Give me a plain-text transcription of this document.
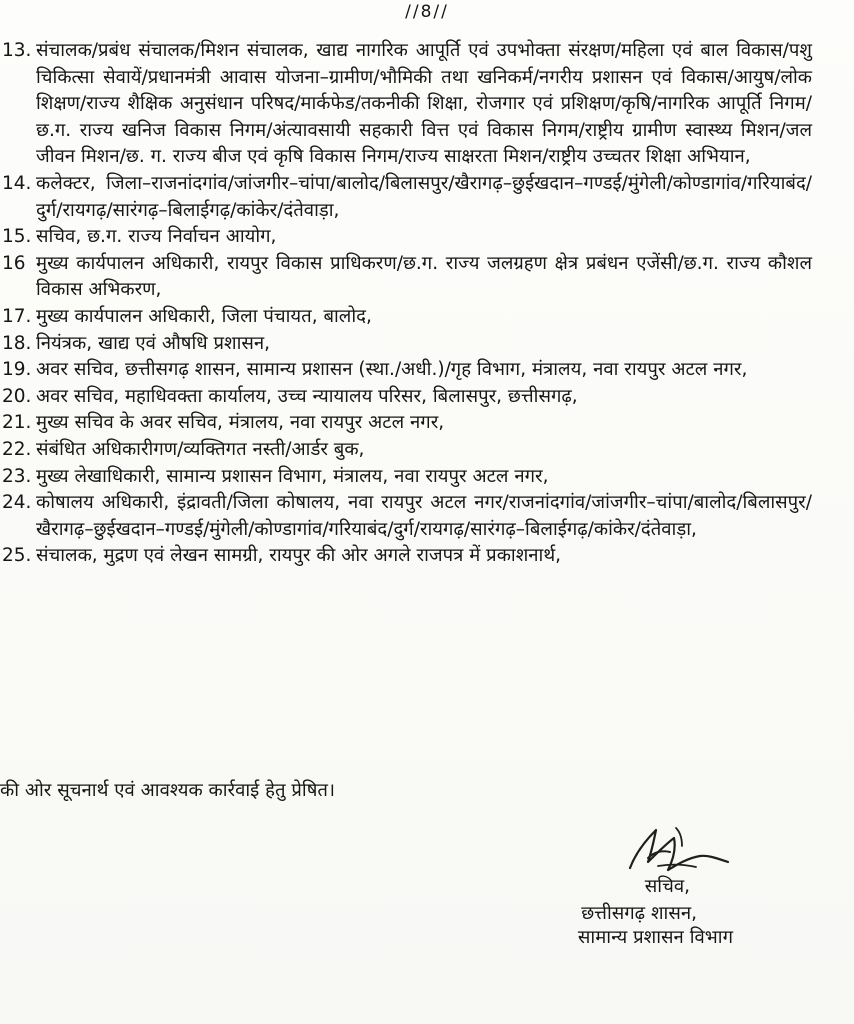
//8//
13. संचालक/प्रबंध संचालक/मिशन संचालक, खाद्य नागरिक आपूर्ति एवं उपभोक्ता संरक्षण/महिला एवं बाल विकास/पशु चिकित्सा सेवायें/प्रधानमंत्री आवास योजना–ग्रामीण/भौमिकी तथा खनिकर्म/नगरीय प्रशासन एवं विकास/आयुष/लोक शिक्षण/राज्य शैक्षिक अनुसंधान परिषद/मार्कफेड/तकनीकी शिक्षा, रोजगार एवं प्रशिक्षण/कृषि/नागरिक आपूर्ति निगम/छ.ग. राज्य खनिज विकास निगम/अंत्यावसायी सहकारी वित्त एवं विकास निगम/राष्ट्रीय ग्रामीण स्वास्थ्य मिशन/जल जीवन मिशन/छ. ग. राज्य बीज एवं कृषि विकास निगम/राज्य साक्षरता मिशन/राष्ट्रीय उच्चतर शिक्षा अभियान,
14. कलेक्टर, जिला–राजनांदगांव/जांजगीर–चांपा/बालोद/बिलासपुर/खैरागढ़–छुईखदान–गण्डई/मुंगेली/कोण्डागांव/गरियाबंद/दुर्ग/रायगढ़/सारंगढ़–बिलाईगढ़/कांकेर/दंतेवाड़ा,
15. सचिव, छ.ग. राज्य निर्वाचन आयोग,
16 मुख्य कार्यपालन अधिकारी, रायपुर विकास प्राधिकरण/छ.ग. राज्य जलग्रहण क्षेत्र प्रबंधन एजेंसी/छ.ग. राज्य कौशल विकास अभिकरण,
17. मुख्य कार्यपालन अधिकारी, जिला पंचायत, बालोद,
18. नियंत्रक, खाद्य एवं औषधि प्रशासन,
19. अवर सचिव, छत्तीसगढ़ शासन, सामान्य प्रशासन (स्था./अधी.)/गृह विभाग, मंत्रालय, नवा रायपुर अटल नगर,
20. अवर सचिव, महाधिवक्ता कार्यालय, उच्च न्यायालय परिसर, बिलासपुर, छत्तीसगढ़,
21. मुख्य सचिव के अवर सचिव, मंत्रालय, नवा रायपुर अटल नगर,
22. संबंधित अधिकारीगण/व्यक्तिगत नस्ती/आर्डर बुक,
23. मुख्य लेखाधिकारी, सामान्य प्रशासन विभाग, मंत्रालय, नवा रायपुर अटल नगर,
24. कोषालय अधिकारी, इंद्रावती/जिला कोषालय, नवा रायपुर अटल नगर/राजनांदगांव/जांजगीर–चांपा/बालोद/बिलासपुर/खैरागढ़–छुईखदान–गण्डई/मुंगेली/कोण्डागांव/गरियाबंद/दुर्ग/रायगढ़/सारंगढ़–बिलाईगढ़/कांकेर/दंतेवाड़ा,
25. संचालक, मुद्रण एवं लेखन सामग्री, रायपुर की ओर अगले राजपत्र में प्रकाशनार्थ,
की ओर सूचनार्थ एवं आवश्यक कार्रवाई हेतु प्रेषित।
सचिव,
छत्तीसगढ़ शासन,
सामान्य प्रशासन विभाग
